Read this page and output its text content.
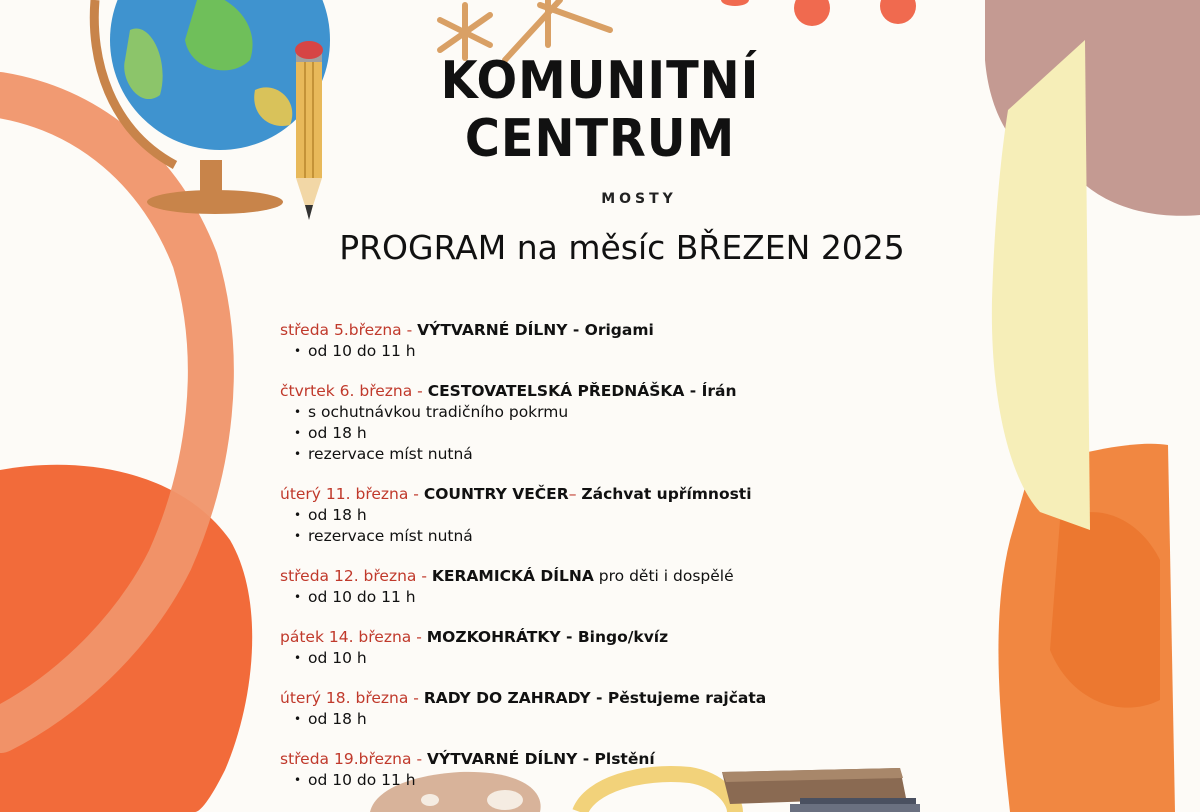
KOMUNITNÍ
CENTRUM
MOSTY
PROGRAM na měsíc BŘEZEN 2025
středa 5.března - VÝTVARNÉ DÍLNY - Origami
• od 10 do 11 h
čtvrtek 6. března - CESTOVATELSKÁ PŘEDNÁŠKA - Írán
• s ochutnávkou tradičního pokrmu
• od 18 h
• rezervace míst nutná
úterý 11. března - COUNTRY VEČER– Záchvat upřímnosti
• od 18 h
• rezervace míst nutná
středa 12. března - KERAMICKÁ DÍLNA pro děti i dospělé
• od 10 do 11 h
pátek 14. března - MOZKOHRÁTKY - Bingo/kvíz
• od 10 h
úterý 18. března - RADY DO ZAHRADY - Pěstujeme rajčata
• od 18 h
středa 19.března - VÝTVARNÉ DÍLNY - Plstění
• od 10 do 11 h
